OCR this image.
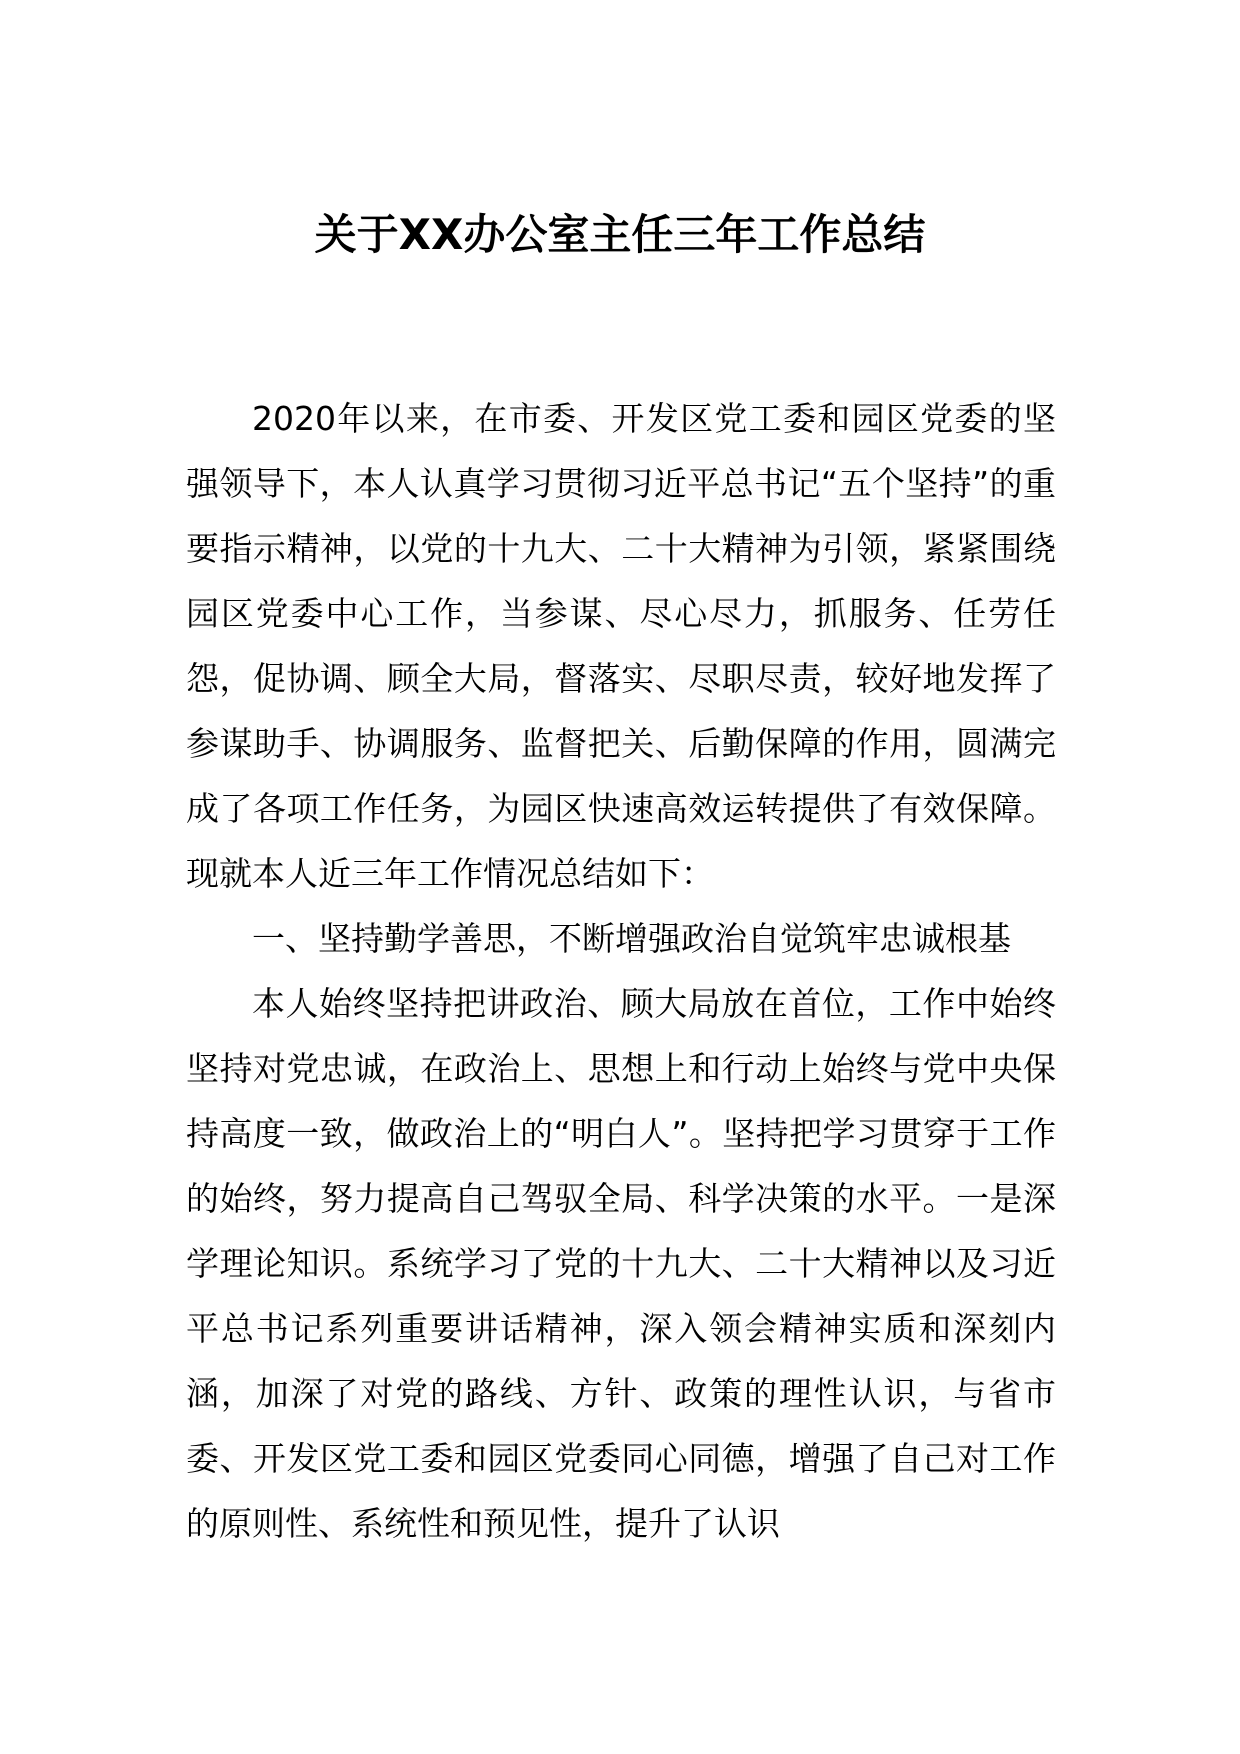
关于XX办公室主任三年工作总结

2020年以来，在市委、开发区党工委和园区党委的坚强领导下，本人认真学习贯彻习近平总书记“五个坚持”的重要指示精神，以党的十九大、二十大精神为引领，紧紧围绕园区党委中心工作，当参谋、尽心尽力，抓服务、任劳任怨，促协调、顾全大局，督落实、尽职尽责，较好地发挥了参谋助手、协调服务、监督把关、后勤保障的作用，圆满完成了各项工作任务，为园区快速高效运转提供了有效保障。现就本人近三年工作情况总结如下：

一、坚持勤学善思，不断增强政治自觉筑牢忠诚根基

本人始终坚持把讲政治、顾大局放在首位，工作中始终坚持对党忠诚，在政治上、思想上和行动上始终与党中央保持高度一致，做政治上的“明白人”。坚持把学习贯穿于工作的始终，努力提高自己驾驭全局、科学决策的水平。一是深学理论知识。系统学习了党的十九大、二十大精神以及习近平总书记系列重要讲话精神，深入领会精神实质和深刻内涵，加深了对党的路线、方针、政策的理性认识，与省市委、开发区党工委和园区党委同心同德，增强了自己对工作的原则性、系统性和预见性，提升了认识
